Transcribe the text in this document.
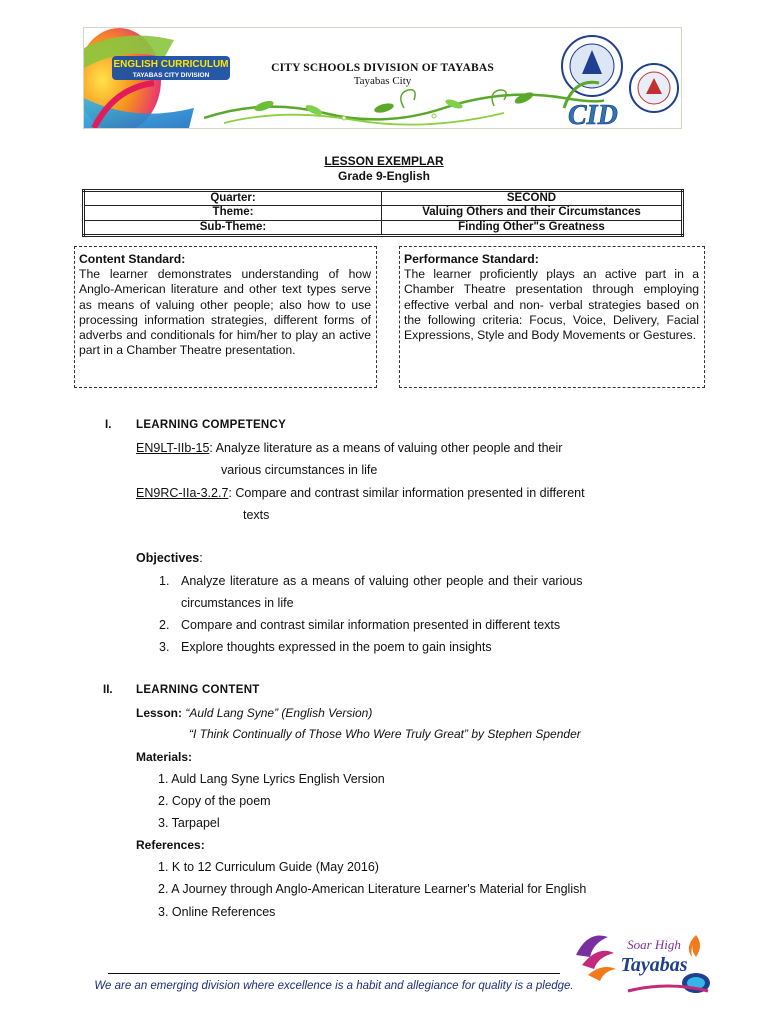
ENGLISH CURRICULUM
TAYABAS CITY DIVISION
CID
CITY SCHOOLS DIVISION OF TAYABAS
Tayabas City
LESSON EXEMPLAR
Grade 9-English
Quarter:	SECOND
Theme:	Valuing Others and their Circumstances
Sub-Theme:	Finding Other"s Greatness
Content Standard:
The learner demonstrates understanding of how Anglo-American literature and other text types serve as means of valuing other people; also how to use processing information strategies, different forms of adverbs and conditionals for him/her to play an active part in a Chamber Theatre presentation.
Performance Standard:
The learner proficiently plays an active part in a Chamber Theatre presentation through employing effective verbal and non- verbal strategies based on the following criteria: Focus, Voice, Delivery, Facial Expressions, Style and Body Movements or Gestures.
I. LEARNING COMPETENCY
EN9LT-IIb-15: Analyze literature as a means of valuing other people and their
various circumstances in life
EN9RC-IIa-3.2.7: Compare and contrast similar information presented in different
texts
Objectives:
1. Analyze literature as a means of valuing other people and their various
circumstances in life
2. Compare and contrast similar information presented in different texts
3. Explore thoughts expressed in the poem to gain insights
II. LEARNING CONTENT
Lesson: “Auld Lang Syne” (English Version)
“I Think Continually of Those Who Were Truly Great” by Stephen Spender
Materials:
1. Auld Lang Syne Lyrics English Version
2. Copy of the poem
3. Tarpapel
References:
1. K to 12 Curriculum Guide (May 2016)
2. A Journey through Anglo-American Literature Learner's Material for English
3. Online References
Soar High
Tayabas
We are an emerging division where excellence is a habit and allegiance for quality is a pledge.
